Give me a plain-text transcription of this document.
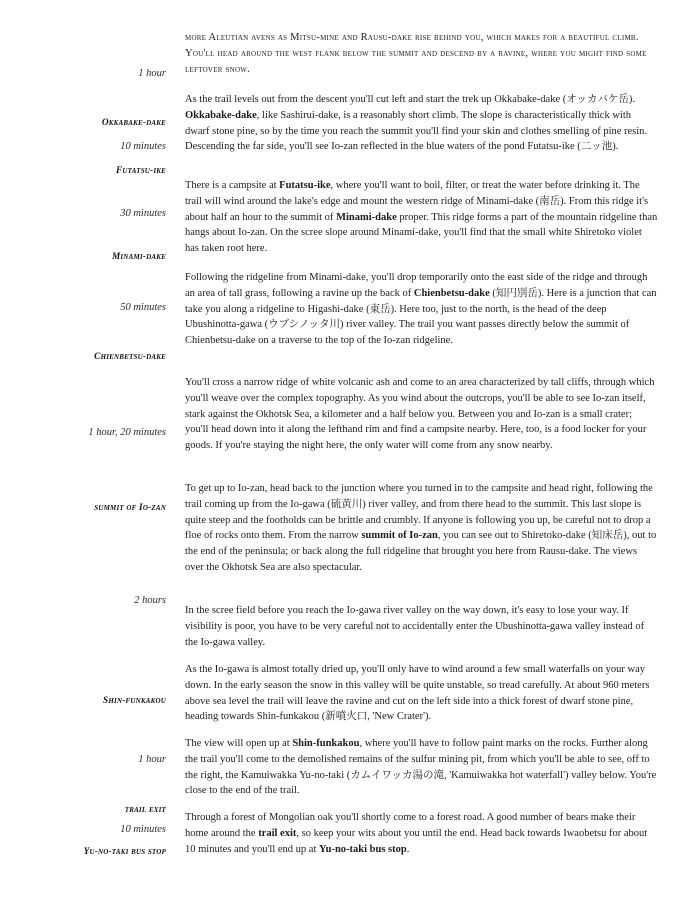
1 hour
Okkabake-dake
10 minutes
Futatsu-ike
30 minutes
Minami-dake
50 minutes
Chienbetsu-dake
1 hour, 20 minutes
summit of Io-zan
2 hours
Shin-funkakou
1 hour
trail exit
10 minutes
Yu-no-taki bus stop

more Aleutian avens as Mitsu-mine and Rausu-dake rise behind you, which makes for a beautiful climb. You'll head around the west flank below the summit and descend by a ravine, where you might find some leftover snow.

As the trail levels out from the descent you'll cut left and start the trek up Okkabake-dake (オッカバケ岳). Okkabake-dake, like Sashirui-dake, is a reasonably short climb. The slope is characteristically thick with dwarf stone pine, so by the time you reach the summit you'll find your skin and clothes smelling of pine resin. Descending the far side, you'll see Io-zan reflected in the blue waters of the pond Futatsu-ike (二ッ池).

There is a campsite at Futatsu-ike, where you'll want to boil, filter, or treat the water before drinking it. The trail will wind around the lake's edge and mount the western ridge of Minami-dake (南岳). From this ridge it's about half an hour to the summit of Minami-dake proper. This ridge forms a part of the mountain ridgeline than hangs about Io-zan. On the scree slope around Minami-dake, you'll find that the small white Shiretoko violet has taken root here.

Following the ridgeline from Minami-dake, you'll drop temporarily onto the east side of the ridge and through an area of tall grass, following a ravine up the back of Chienbetsu-dake (知円別岳). Here is a junction that can take you along a ridgeline to Higashi-dake (東岳). Here too, just to the north, is the head of the deep Ubushinotta-gawa (ウブシノッタ川) river valley. The trail you want passes directly below the summit of Chienbetsu-dake on a traverse to the top of the Io-zan ridgeline.

You'll cross a narrow ridge of white volcanic ash and come to an area characterized by tall cliffs, through which you'll weave over the complex topography. As you wind about the outcrops, you'll be able to see Io-zan itself, stark against the Okhotsk Sea, a kilometer and a half below you. Between you and Io-zan is a small crater; you'll head down into it along the lefthand rim and find a campsite nearby. Here, too, is a food locker for your goods. If you're staying the night here, the only water will come from any snow nearby.

To get up to Io-zan, head back to the junction where you turned in to the campsite and head right, following the trail coming up from the Io-gawa (硫黄川) river valley, and from there head to the summit. This last slope is quite steep and the footholds can be brittle and crumbly. If anyone is following you up, be careful not to drop a floe of rocks onto them. From the narrow summit of Io-zan, you can see out to Shiretoko-dake (知床岳), out to the end of the peninsula; or back along the full ridgeline that brought you here from Rausu-dake. The views over the Okhotsk Sea are also spectacular.

In the scree field before you reach the Io-gawa river valley on the way down, it's easy to lose your way. If visibility is poor, you have to be very careful not to accidentally enter the Ubushinotta-gawa valley instead of the Io-gawa valley.

As the Io-gawa is almost totally dried up, you'll only have to wind around a few small waterfalls on your way down. In the early season the snow in this valley will be quite unstable, so tread carefully. At about 960 meters above sea level the trail will leave the ravine and cut on the left side into a thick forest of dwarf stone pine, heading towards Shin-funkakou (新噴火口, 'New Crater').

The view will open up at Shin-funkakou, where you'll have to follow paint marks on the rocks. Further along the trail you'll come to the demolished remains of the sulfur mining pit, from which you'll be able to see, off to the right, the Kamuiwakka Yu-no-taki (カムイワッカ湯の滝, 'Kamuiwakka hot waterfall') valley below. You're close to the end of the trail.

Through a forest of Mongolian oak you'll shortly come to a forest road. A good number of bears make their home around the trail exit, so keep your wits about you until the end. Head back towards Iwaobetsu for about 10 minutes and you'll end up at Yu-no-taki bus stop.
